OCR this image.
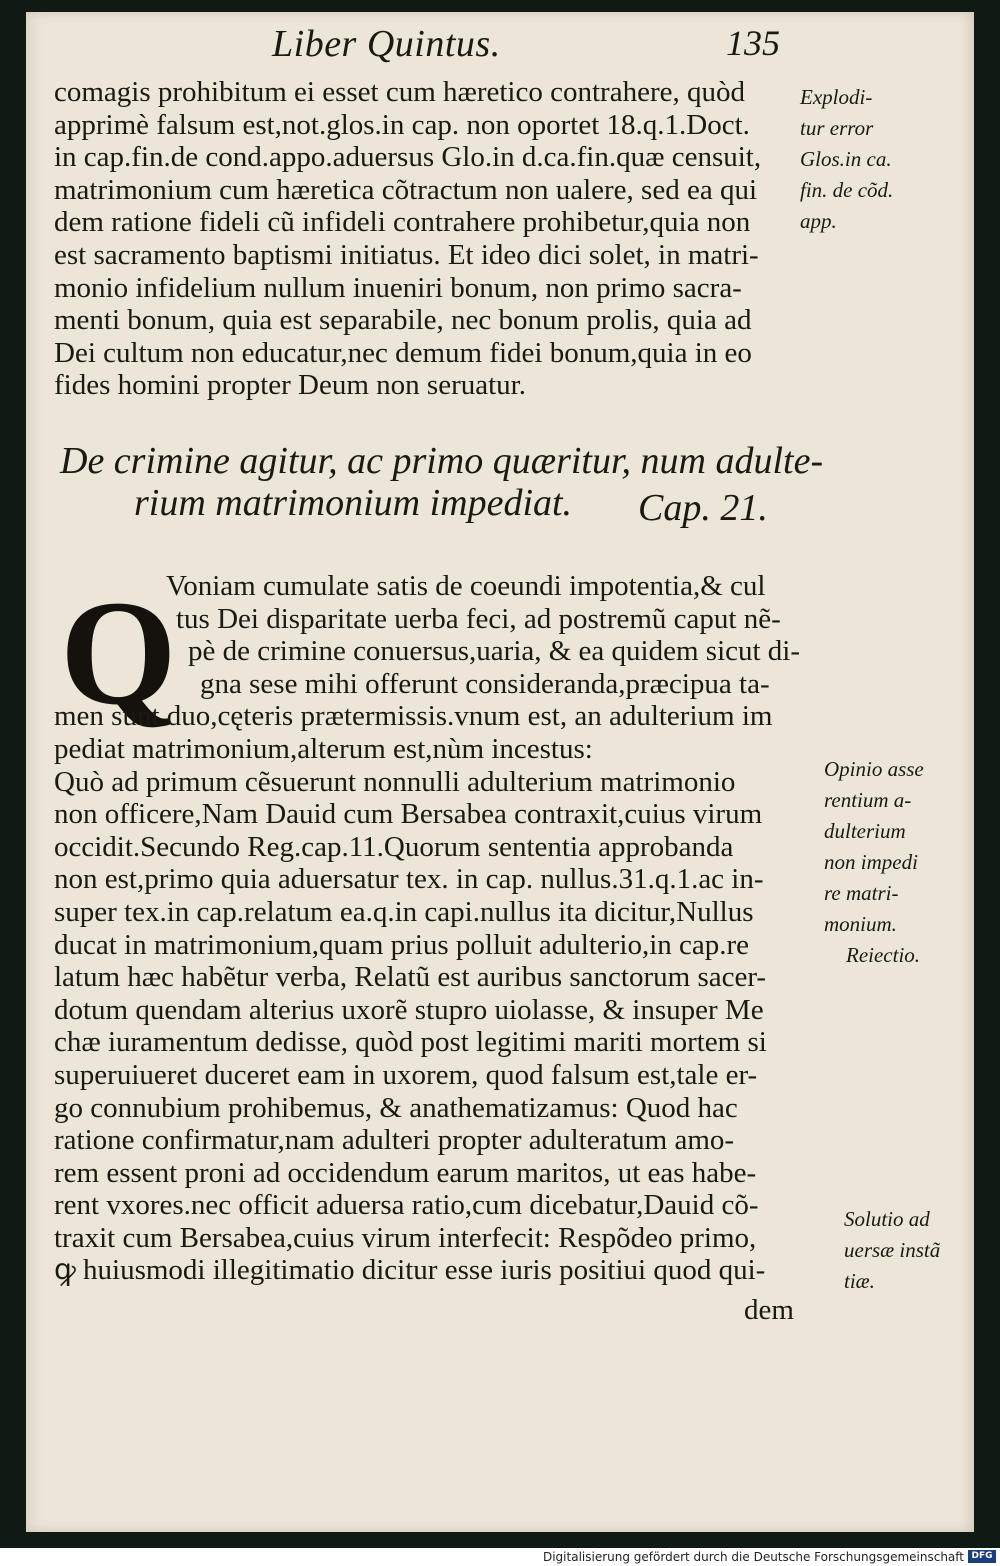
Liber Quintus.	135
comagis prohibitum ei esset cum hæretico contrahere, quòd
apprimè falsum est,not.glos.in cap. non oportet 18.q.1.Doct.
in cap.fin.de cond.appo.aduersus Glo.in d.ca.fin.quæ censuit,
matrimonium cum hæretica cõtractum non ualere, sed ea qui
dem ratione fideli cũ infideli contrahere prohibetur,quia non
est sacramento baptismi initiatus. Et ideo dici solet, in matri-
monio infidelium nullum inueniri bonum, non primo sacra-
menti bonum, quia est separabile, nec bonum prolis, quia ad
Dei cultum non educatur,nec demum fidei bonum,quia in eo
fides homini propter Deum non seruatur.
Explodi-
tur error
Glos.in ca.
fin. de cõd.
app.
De crimine agitur, ac primo quæritur, num adulte-
rium matrimonium impediat.	Cap. 21.
Q
Voniam cumulate satis de coeundi impotentia,& cul
tus Dei disparitate uerba feci, ad postremũ caput nẽ-
pè de crimine conuersus,uaria, & ea quidem sicut di-
gna sese mihi offerunt consideranda,præcipua ta-
men sunt duo,cęteris prætermissis.vnum est, an adulterium im
pediat matrimonium,alterum est,nùm incestus:
Quò ad primum cẽsuerunt nonnulli adulterium matrimonio
non officere,Nam Dauid cum Bersabea contraxit,cuius virum
occidit.Secundo Reg.cap.11.Quorum sententia approbanda
non est,primo quia aduersatur tex. in cap. nullus.31.q.1.ac in-
super tex.in cap.relatum ea.q.in capi.nullus ita dicitur,Nullus
ducat in matrimonium,quam prius polluit adulterio,in cap.re
latum hæc habẽtur verba, Relatũ est auribus sanctorum sacer-
dotum quendam alterius uxorẽ stupro uiolasse, & insuper Me
chæ iuramentum dedisse, quòd post legitimi mariti mortem si
superuiueret duceret eam in uxorem, quod falsum est,tale er-
go connubium prohibemus, & anathematizamus: Quod hac
ratione confirmatur,nam adulteri propter adulteratum amo-
rem essent proni ad occidendum earum maritos, ut eas habe-
rent vxores.nec officit aduersa ratio,cum dicebatur,Dauid cõ-
traxit cum Bersabea,cuius virum interfecit: Respõdeo primo,
ꝙ huiusmodi illegitimatio dicitur esse iuris positiui quod qui-
dem
Opinio asse
rentium a-
dulterium
non impedi
re matri-
monium.
Reiectio.
Solutio ad
uersæ instã
tiæ.
Digitalisierung gefördert durch die Deutsche Forschungsgemeinschaft DFG
